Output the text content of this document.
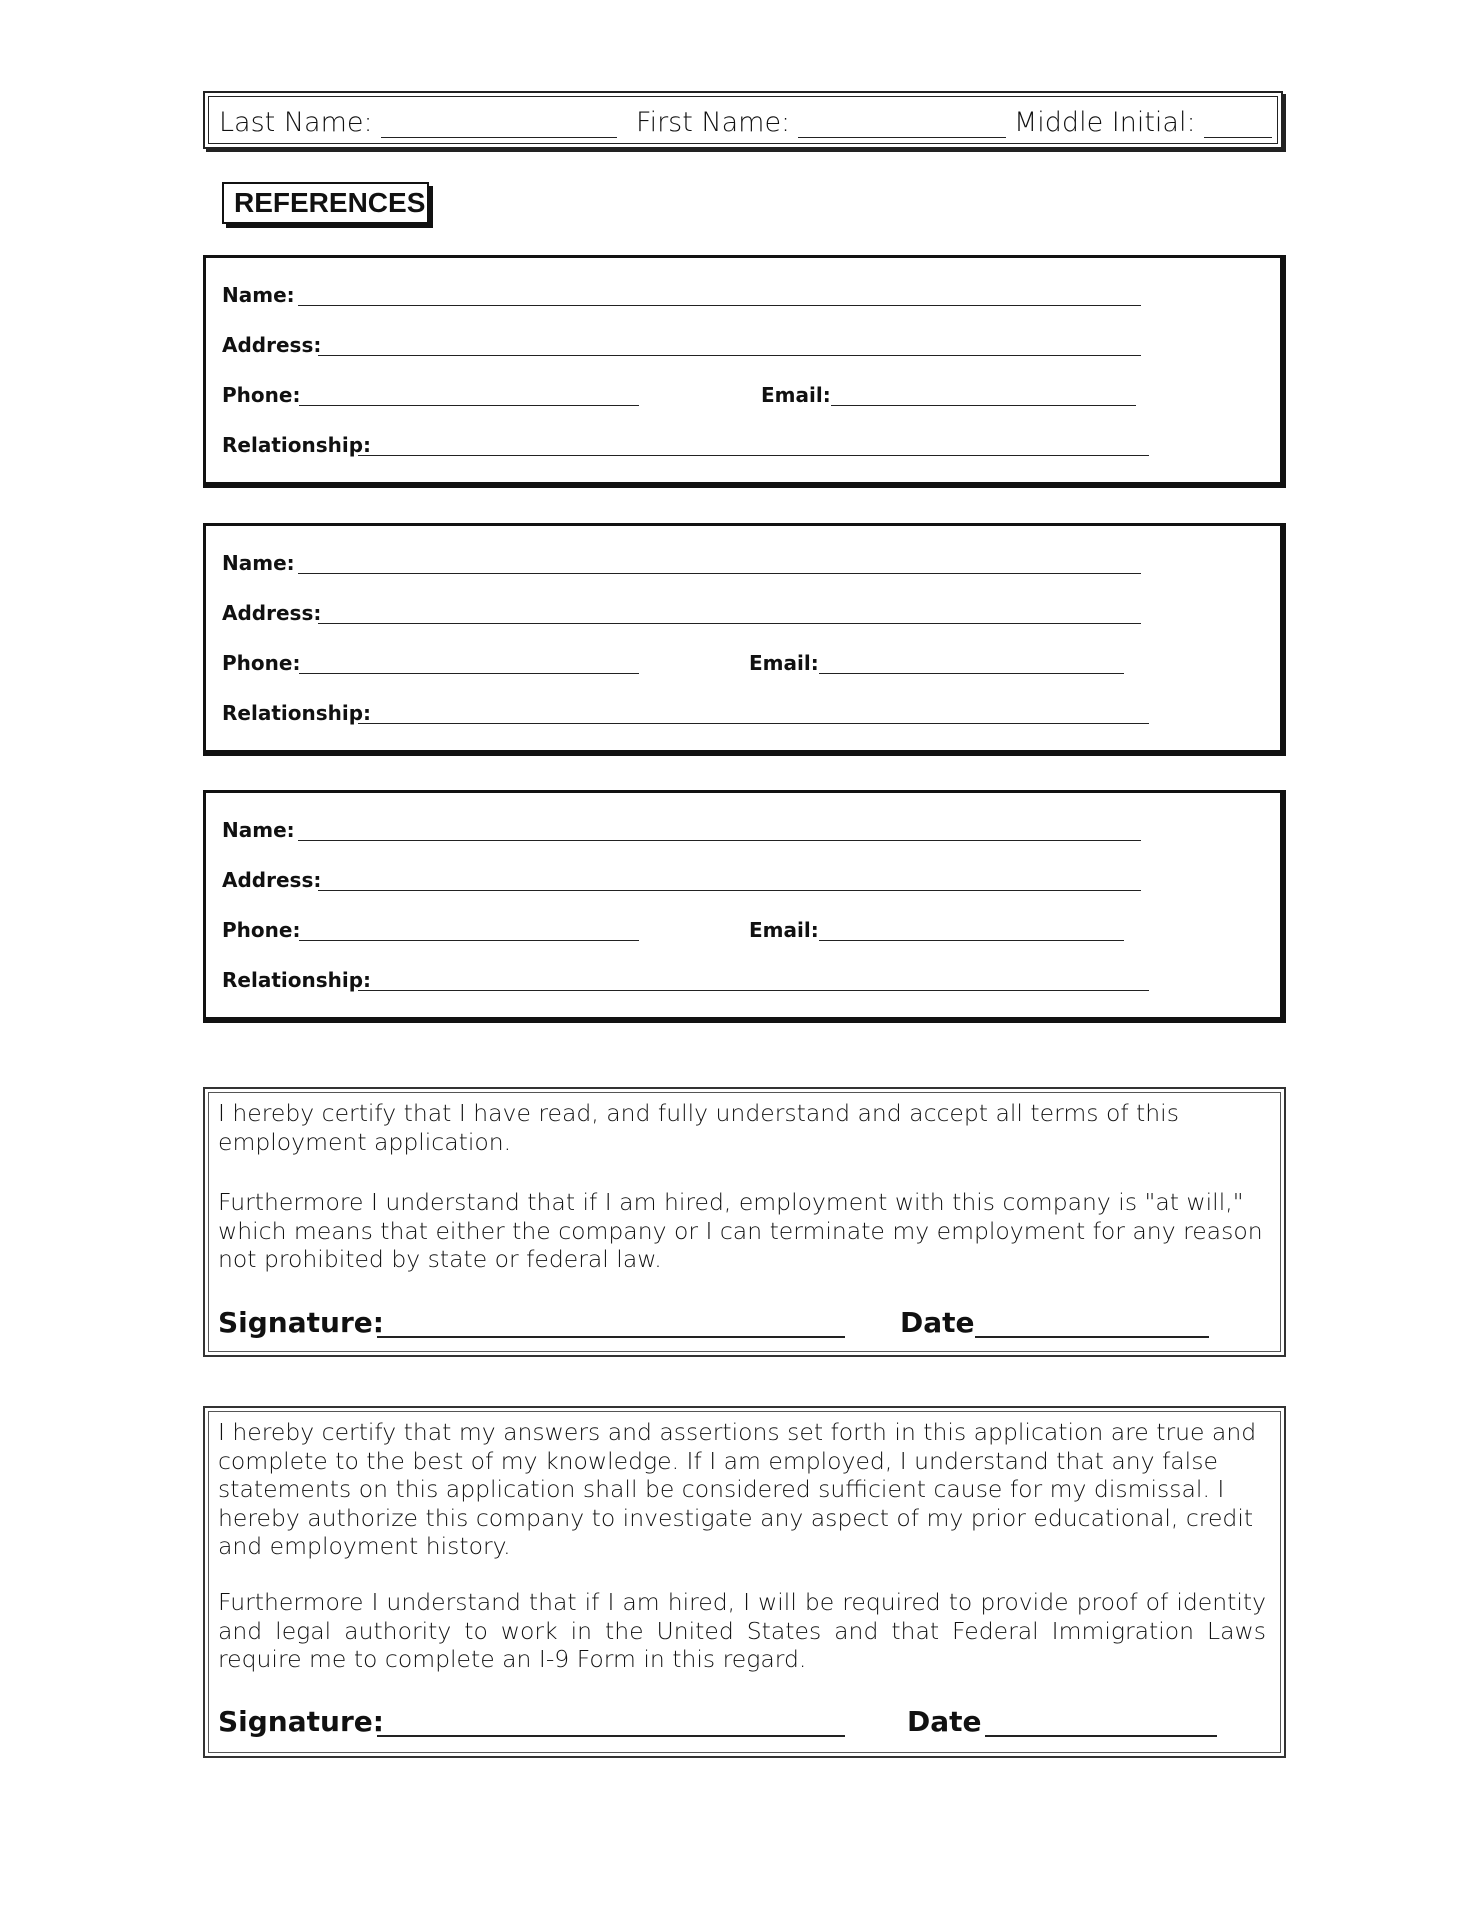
Last Name:	First Name:	Middle Initial:
REFERENCES
Name:
Address:
Phone:	Email:
Relationship:
Name:
Address:
Phone:	Email:
Relationship:
Name:
Address:
Phone:	Email:
Relationship:

I hereby certify that I have read, and fully understand and accept all terms of this employment application.

Furthermore I understand that if I am hired, employment with this company is "at will," which means that either the company or I can terminate my employment for any reason not prohibited by state or federal law.

Signature:	Date

I hereby certify that my answers and assertions set forth in this application are true and complete to the best of my knowledge. If I am employed, I understand that any false statements on this application shall be considered sufficient cause for my dismissal. I hereby authorize this company to investigate any aspect of my prior educational, credit and employment history.

Furthermore I understand that if I am hired, I will be required to provide proof of identity and legal authority to work in the United States and that Federal Immigration Laws require me to complete an I-9 Form in this regard.

Signature:	Date
